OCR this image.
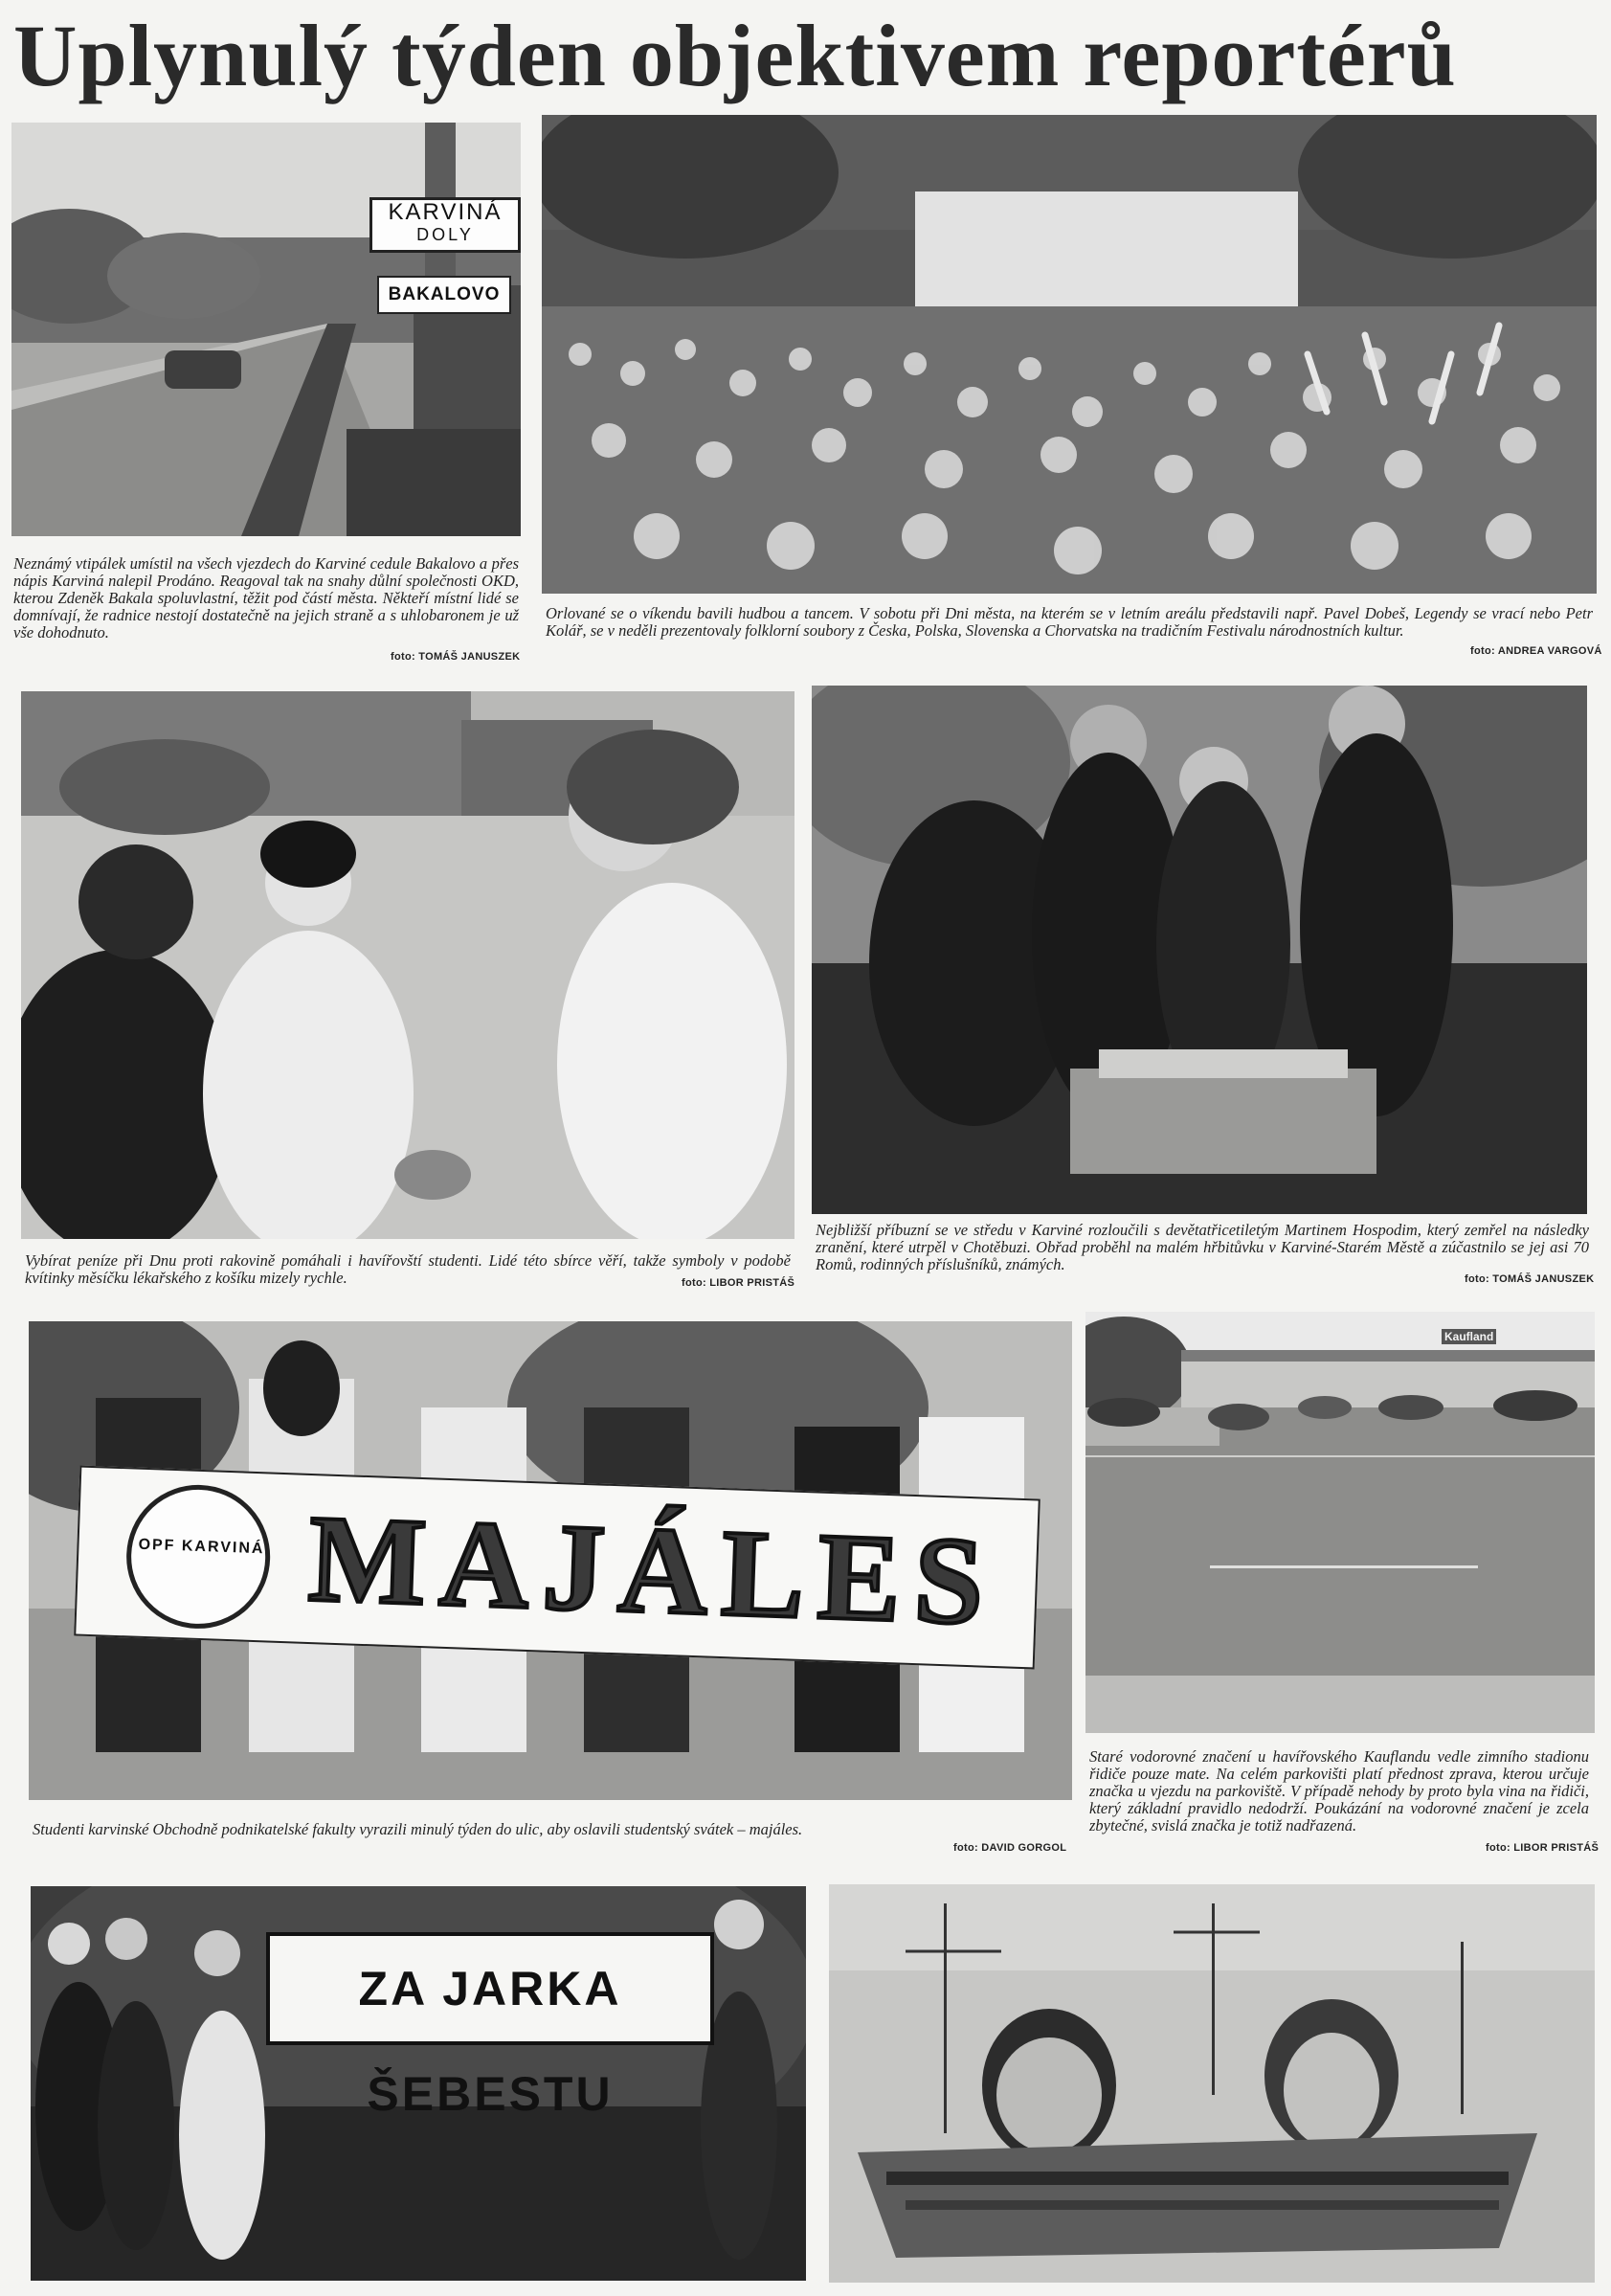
Uplynulý týden objektivem reportérů
KARVINÁ
DOLY
BAKALOVO
Neznámý vtipálek umístil na všech vjezdech do Karviné cedule Bakalovo a přes nápis Karviná nalepil Prodáno. Reagoval tak na snahy důlní společnosti OKD, kterou Zdeněk Bakala spoluvlastní, těžit pod částí města. Někteří místní lidé se domnívají, že radnice nestojí dostatečně na jejich straně a s uhlobaronem je už vše dohodnuto.
foto: TOMÁŠ JANUSZEK
Orlované se o víkendu bavili hudbou a tancem. V sobotu při Dni města, na kterém se v letním areálu představili např. Pavel Dobeš, Legendy se vrací nebo Petr Kolář, se v neděli prezentovaly folklorní soubory z Česka, Polska, Slovenska a Chorvatska na tradičním Festivalu národnostních kultur.
foto: ANDREA VARGOVÁ
Vybírat peníze při Dnu proti rakovině pomáhali i havířovští studenti. Lidé této sbírce věří, takže symboly v podobě kvítinky měsíčku lékařského z košíku mizely rychle.	foto: LIBOR PRISTÁŠ
Nejbližší příbuzní se ve středu v Karviné rozloučili s devětatřicetiletým Martinem Hospodim, který zemřel na následky zranění, které utrpěl v Chotěbuzi. Obřad proběhl na malém hřbitůvku v Karviné-Starém Městě a zúčastnilo se jej asi 70 Romů, rodinných příslušníků, známých.
foto: TOMÁŠ JANUSZEK
OPF KARVINÁ MAJÁLES
Studenti karvinské Obchodně podnikatelské fakulty vyrazili minulý týden do ulic, aby oslavili studentský svátek – majáles.
foto: DAVID GORGOL
Kaufland
Staré vodorovné značení u havířovského Kauflandu vedle zimního stadionu řidiče pouze mate. Na celém parkovišti platí přednost zprava, kterou určuje značka u vjezdu na parkoviště. V případě nehody by proto byla vina na řidiči, který základní pravidlo nedodrží. Poukázání na vodorovné značení je zcela zbytečné, svislá značka je totiž nadřazená.
foto: LIBOR PRISTÁŠ
ZA JARKA ŠEBESTU
